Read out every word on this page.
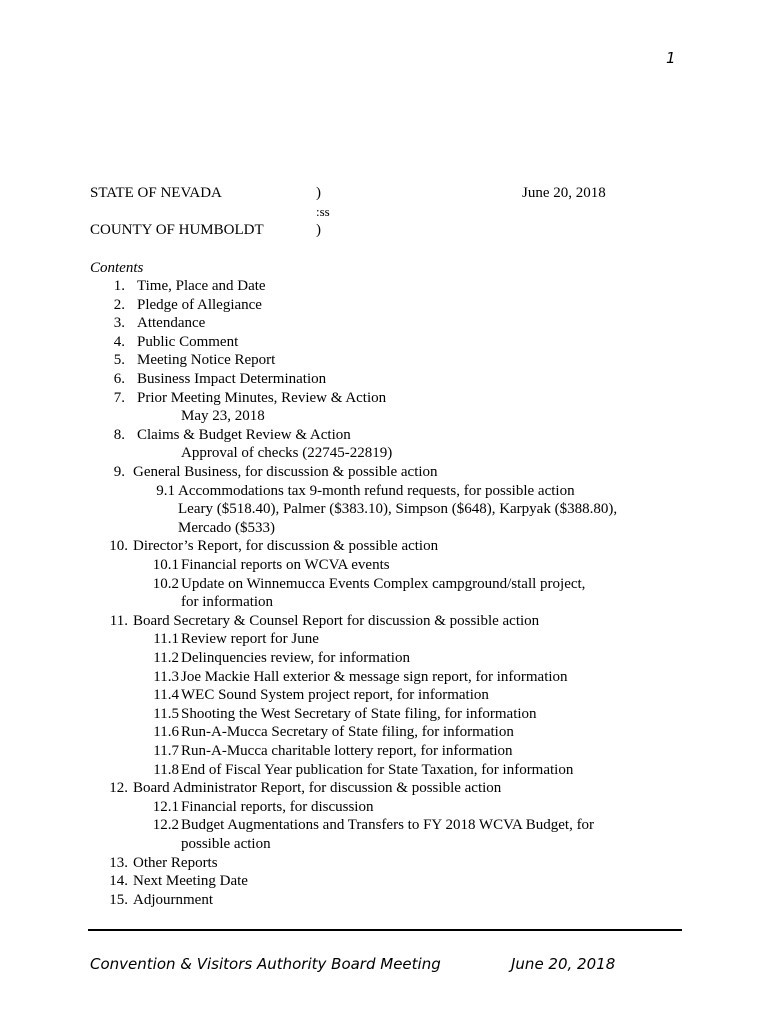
1
STATE OF NEVADA	)	June 20, 2018
:ss
COUNTY OF HUMBOLDT	)
Contents
1. Time, Place and Date
2. Pledge of Allegiance
3. Attendance
4. Public Comment
5. Meeting Notice Report
6. Business Impact Determination
7. Prior Meeting Minutes, Review & Action
May 23, 2018
8. Claims & Budget Review & Action
Approval of checks (22745-22819)
9. General Business, for discussion & possible action
9.1 Accommodations tax 9-month refund requests, for possible action
Leary ($518.40), Palmer ($383.10), Simpson ($648), Karpyak ($388.80),
Mercado ($533)
10. Director’s Report, for discussion & possible action
10.1 Financial reports on WCVA events
10.2 Update on Winnemucca Events Complex campground/stall project,
for information
11. Board Secretary & Counsel Report for discussion & possible action
11.1 Review report for June
11.2 Delinquencies review, for information
11.3 Joe Mackie Hall exterior & message sign report, for information
11.4 WEC Sound System project report, for information
11.5 Shooting the West Secretary of State filing, for information
11.6 Run-A-Mucca Secretary of State filing, for information
11.7 Run-A-Mucca charitable lottery report, for information
11.8 End of Fiscal Year publication for State Taxation, for information
12. Board Administrator Report, for discussion & possible action
12.1 Financial reports, for discussion
12.2 Budget Augmentations and Transfers to FY 2018 WCVA Budget, for
possible action
13. Other Reports
14. Next Meeting Date
15. Adjournment
Convention & Visitors Authority Board Meeting	June 20, 2018
